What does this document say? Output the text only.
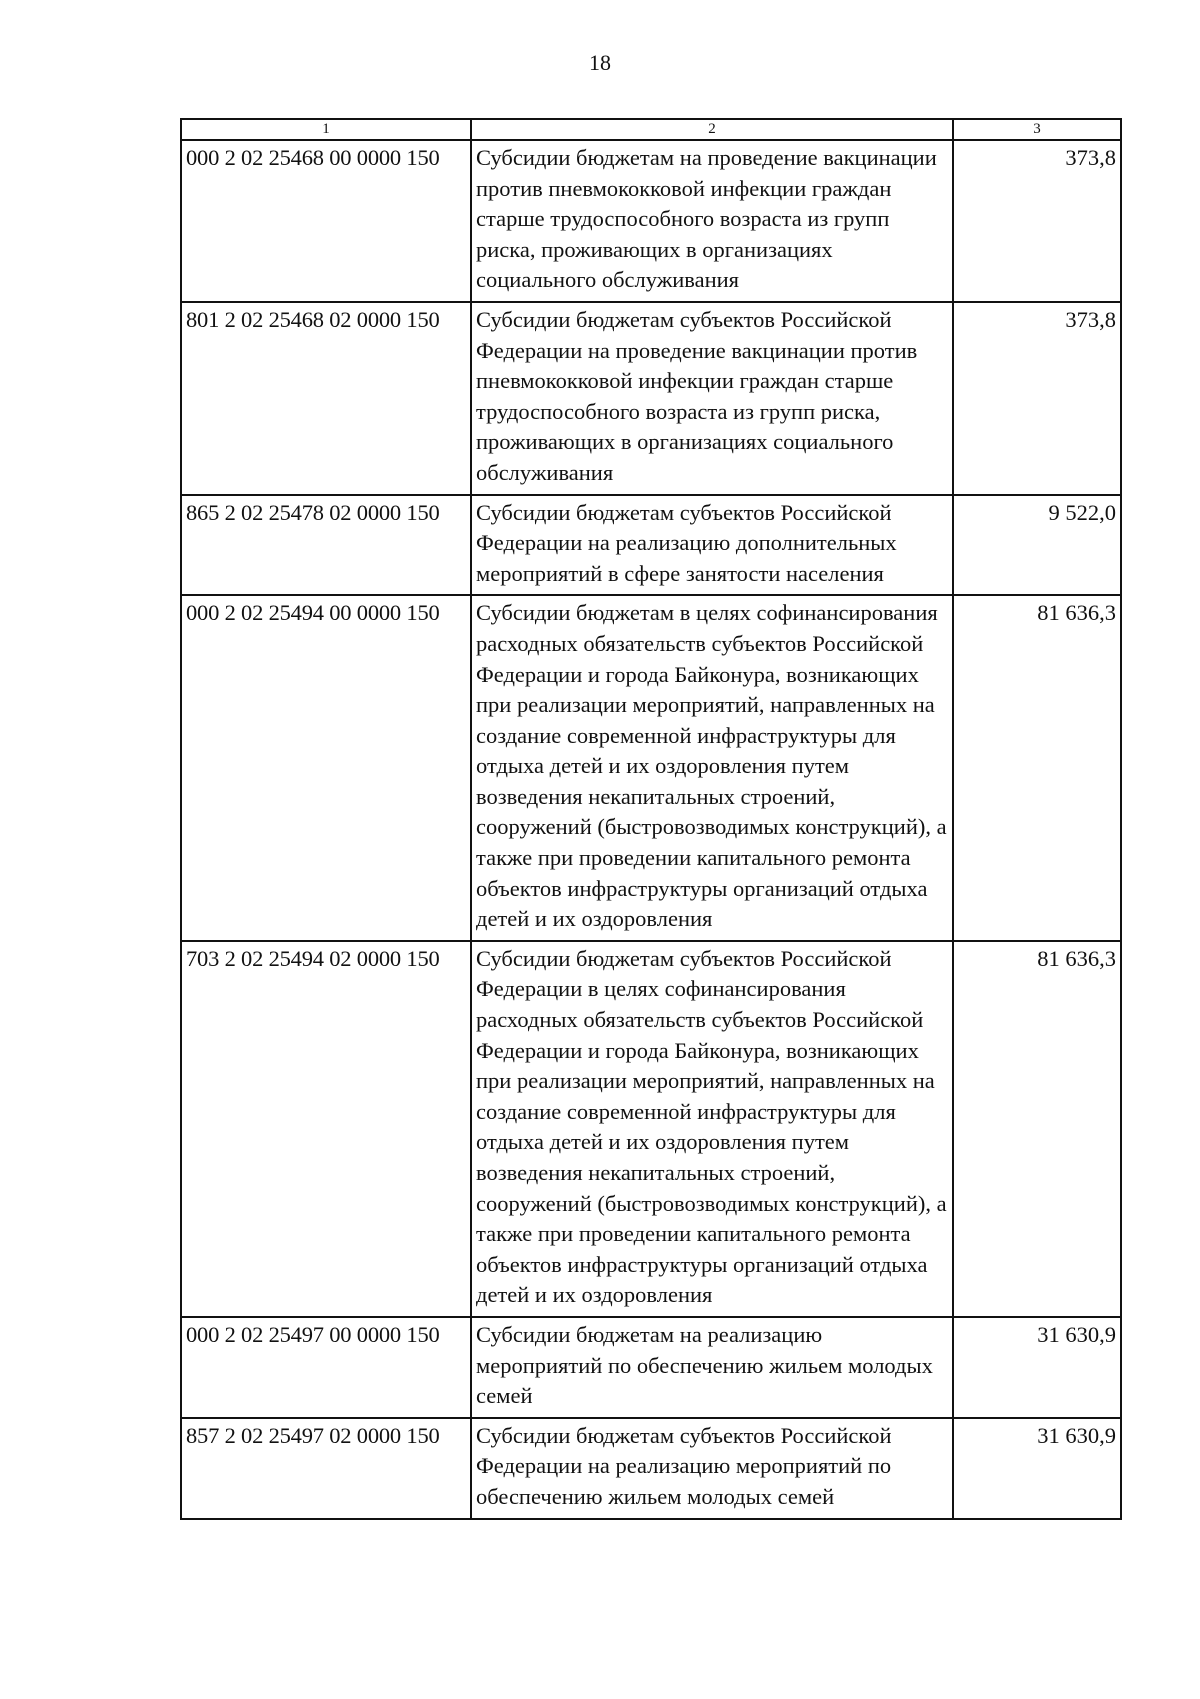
18
1	2	3
000 2 02 25468 00 0000 150	Субсидии бюджетам на проведение вакцинации против пневмококковой инфекции граждан старше трудоспособного возраста из групп риска, проживающих в организациях социального обслуживания	373,8
801 2 02 25468 02 0000 150	Субсидии бюджетам субъектов Российской Федерации на проведение вакцинации против пневмококковой инфекции граждан старше трудоспособного возраста из групп риска, проживающих в организациях социального обслуживания	373,8
865 2 02 25478 02 0000 150	Субсидии бюджетам субъектов Российской Федерации на реализацию дополнительных мероприятий в сфере занятости населения	9 522,0
000 2 02 25494 00 0000 150	Субсидии бюджетам в целях софинансирования расходных обязательств субъектов Российской Федерации и города Байконура, возникающих при реализации мероприятий, направленных на создание современной инфраструктуры для отдыха детей и их оздоровления путем возведения некапитальных строений, сооружений (быстровозводимых конструкций), а также при проведении капитального ремонта объектов инфраструктуры организаций отдыха детей и их оздоровления	81 636,3
703 2 02 25494 02 0000 150	Субсидии бюджетам субъектов Российской Федерации в целях софинансирования расходных обязательств субъектов Российской Федерации и города Байконура, возникающих при реализации мероприятий, направленных на создание современной инфраструктуры для отдыха детей и их оздоровления путем возведения некапитальных строений, сооружений (быстровозводимых конструкций), а также при проведении капитального ремонта объектов инфраструктуры организаций отдыха детей и их оздоровления	81 636,3
000 2 02 25497 00 0000 150	Субсидии бюджетам на реализацию мероприятий по обеспечению жильем молодых семей	31 630,9
857 2 02 25497 02 0000 150	Субсидии бюджетам субъектов Российской Федерации на реализацию мероприятий по обеспечению жильем молодых семей	31 630,9
